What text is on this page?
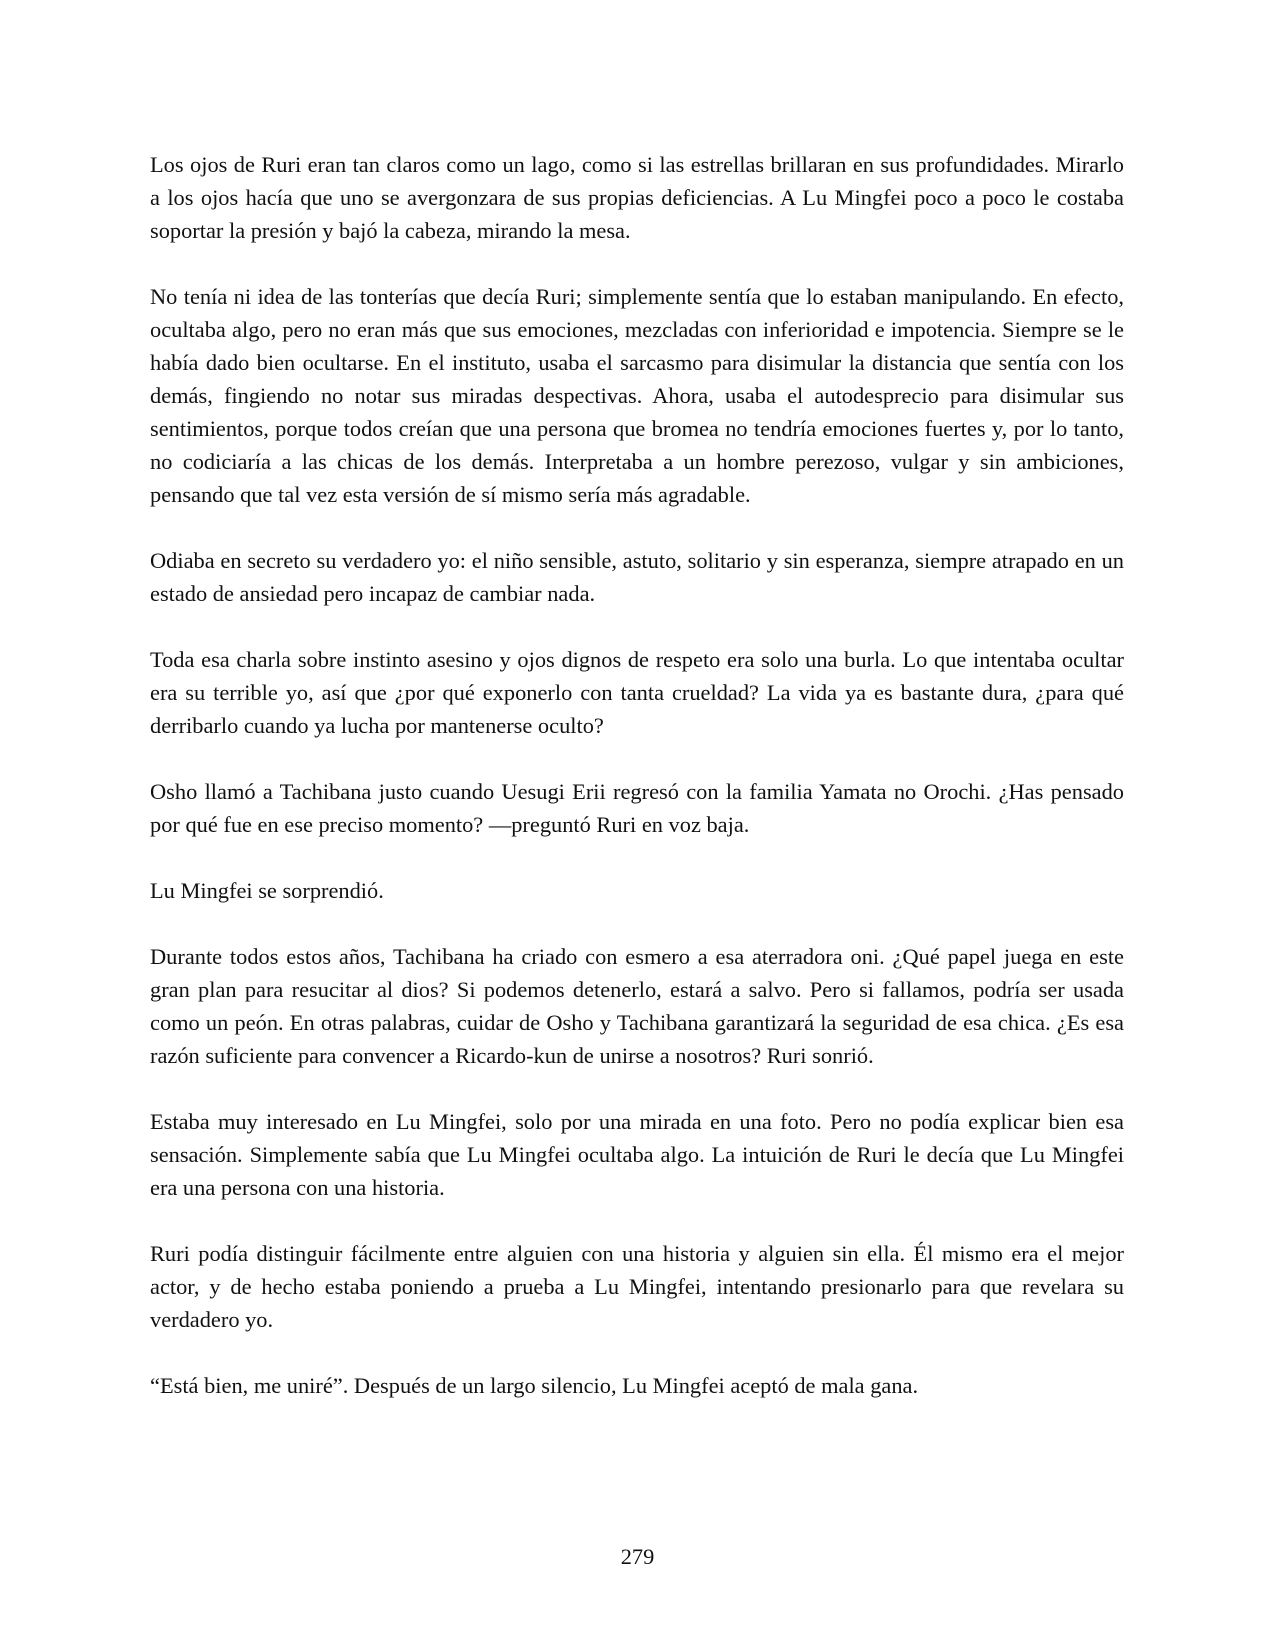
Los ojos de Ruri eran tan claros como un lago, como si las estrellas brillaran en sus profundidades. Mirarlo a los ojos hacía que uno se avergonzara de sus propias deficiencias. A Lu Mingfei poco a poco le costaba soportar la presión y bajó la cabeza, mirando la mesa.

No tenía ni idea de las tonterías que decía Ruri; simplemente sentía que lo estaban manipulando. En efecto, ocultaba algo, pero no eran más que sus emociones, mezcladas con inferioridad e impotencia. Siempre se le había dado bien ocultarse. En el instituto, usaba el sarcasmo para disimular la distancia que sentía con los demás, fingiendo no notar sus miradas despectivas. Ahora, usaba el autodesprecio para disimular sus sentimientos, porque todos creían que una persona que bromea no tendría emociones fuertes y, por lo tanto, no codiciaría a las chicas de los demás. Interpretaba a un hombre perezoso, vulgar y sin ambiciones, pensando que tal vez esta versión de sí mismo sería más agradable.

Odiaba en secreto su verdadero yo: el niño sensible, astuto, solitario y sin esperanza, siempre atrapado en un estado de ansiedad pero incapaz de cambiar nada.

Toda esa charla sobre instinto asesino y ojos dignos de respeto era solo una burla. Lo que intentaba ocultar era su terrible yo, así que ¿por qué exponerlo con tanta crueldad? La vida ya es bastante dura, ¿para qué derribarlo cuando ya lucha por mantenerse oculto?

Osho llamó a Tachibana justo cuando Uesugi Erii regresó con la familia Yamata no Orochi. ¿Has pensado por qué fue en ese preciso momento? —preguntó Ruri en voz baja.

Lu Mingfei se sorprendió.

Durante todos estos años, Tachibana ha criado con esmero a esa aterradora oni. ¿Qué papel juega en este gran plan para resucitar al dios? Si podemos detenerlo, estará a salvo. Pero si fallamos, podría ser usada como un peón. En otras palabras, cuidar de Osho y Tachibana garantizará la seguridad de esa chica. ¿Es esa razón suficiente para convencer a Ricardo-kun de unirse a nosotros? Ruri sonrió.

Estaba muy interesado en Lu Mingfei, solo por una mirada en una foto. Pero no podía explicar bien esa sensación. Simplemente sabía que Lu Mingfei ocultaba algo. La intuición de Ruri le decía que Lu Mingfei era una persona con una historia.

Ruri podía distinguir fácilmente entre alguien con una historia y alguien sin ella. Él mismo era el mejor actor, y de hecho estaba poniendo a prueba a Lu Mingfei, intentando presionarlo para que revelara su verdadero yo.

“Está bien, me uniré”. Después de un largo silencio, Lu Mingfei aceptó de mala gana.

279
